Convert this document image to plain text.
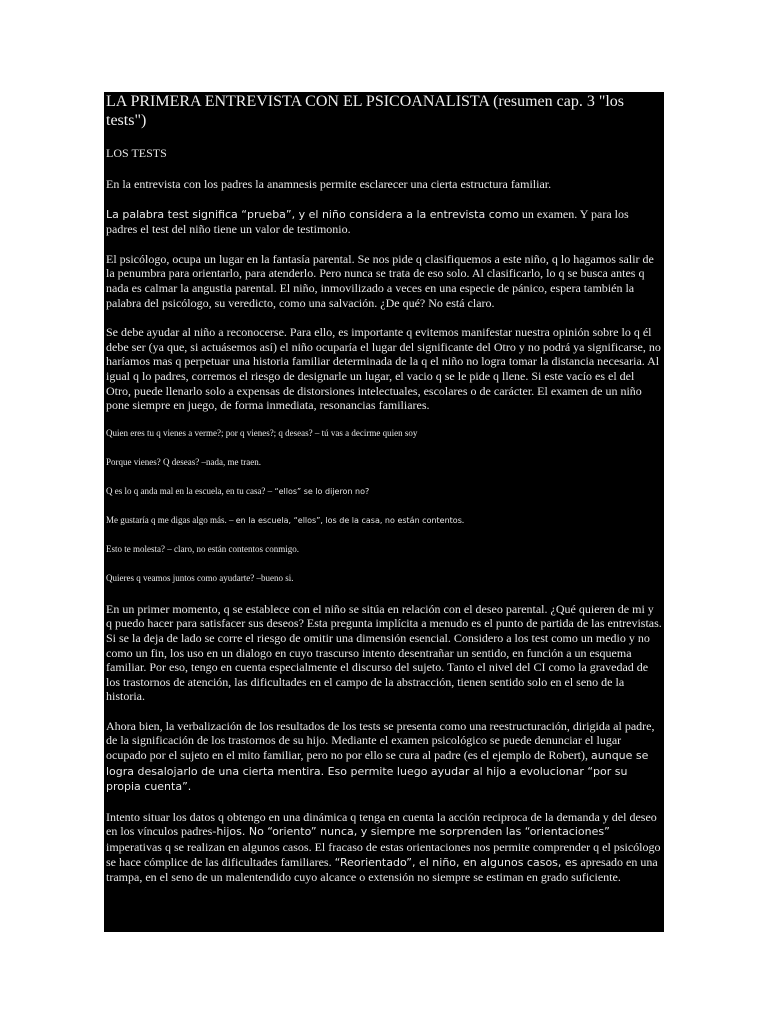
LA PRIMERA ENTREVISTA CON EL PSICOANALISTA (resumen cap. 3 "los tests")
LOS TESTS

En la entrevista con los padres la anamnesis permite esclarecer una cierta estructura familiar.

La palabra test significa “prueba”, y el niño considera a la entrevista como un examen. Y para los padres el test del niño tiene un valor de testimonio.

El psicólogo, ocupa un lugar en la fantasía parental. Se nos pide q clasifiquemos a este niño, q lo hagamos salir de la penumbra para orientarlo, para atenderlo. Pero nunca se trata de eso solo. Al clasificarlo, lo q se busca antes q nada es calmar la angustia parental. El niño, inmovilizado a veces en una especie de pánico, espera también la palabra del psicólogo, su veredicto, como una salvación. ¿De qué? No está claro.

Se debe ayudar al niño a reconocerse. Para ello, es importante q evitemos manifestar nuestra opinión sobre lo q él debe ser (ya que, si actuásemos así) el niño ocuparía el lugar del significante del Otro y no podrá ya significarse, no haríamos mas q perpetuar una historia familiar determinada de la q el niño no logra tomar la distancia necesaria. Al igual q lo padres, corremos el riesgo de designarle un lugar, el vacio q se le pide q llene. Si este vacío es el del Otro, puede llenarlo solo a expensas de distorsiones intelectuales, escolares o de carácter. El examen de un niño pone siempre en juego, de forma inmediata, resonancias familiares.

Quien eres tu q vienes a verme?; por q vienes?; q deseas? – tú vas a decirme quien soy

Porque vienes? Q deseas? –nada, me traen.

Q es lo q anda mal en la escuela, en tu casa? – “ellos” se lo dijeron no?

Me gustaría q me digas algo más. – en la escuela, “ellos”, los de la casa, no están contentos.

Esto te molesta? – claro, no están contentos conmigo.

Quieres q veamos juntos como ayudarte? –bueno si.

En un primer momento, q se establece con el niño se sitúa en relación con el deseo parental. ¿Qué quieren de mi y q puedo hacer para satisfacer sus deseos? Esta pregunta implícita a menudo es el punto de partida de las entrevistas. Si se la deja de lado se corre el riesgo de omitir una dimensión esencial. Considero a los test como un medio y no como un fin, los uso en un dialogo en cuyo trascurso intento desentrañar un sentido, en función a un esquema familiar. Por eso, tengo en cuenta especialmente el discurso del sujeto. Tanto el nivel del CI como la gravedad de los trastornos de atención, las dificultades en el campo de la abstracción, tienen sentido solo en el seno de la historia.

Ahora bien, la verbalización de los resultados de los tests se presenta como una reestructuración, dirigida al padre, de la significación de los trastornos de su hijo. Mediante el examen psicológico se puede denunciar el lugar ocupado por el sujeto en el mito familiar, pero no por ello se cura al padre (es el ejemplo de Robert), aunque se logra desalojarlo de una cierta mentira. Eso permite luego ayudar al hijo a evolucionar “por su propia cuenta”.

Intento situar los datos q obtengo en una dinámica q tenga en cuenta la acción reciproca de la demanda y del deseo en los vínculos padres-hijos. No “oriento” nunca, y siempre me sorprenden las “orientaciones” imperativas q se realizan en algunos casos. El fracaso de estas orientaciones nos permite comprender q el psicólogo se hace cómplice de las dificultades familiares. “Reorientado”, el niño, en algunos casos, es apresado en una trampa, en el seno de un malentendido cuyo alcance o extensión no siempre se estiman en grado suficiente.
